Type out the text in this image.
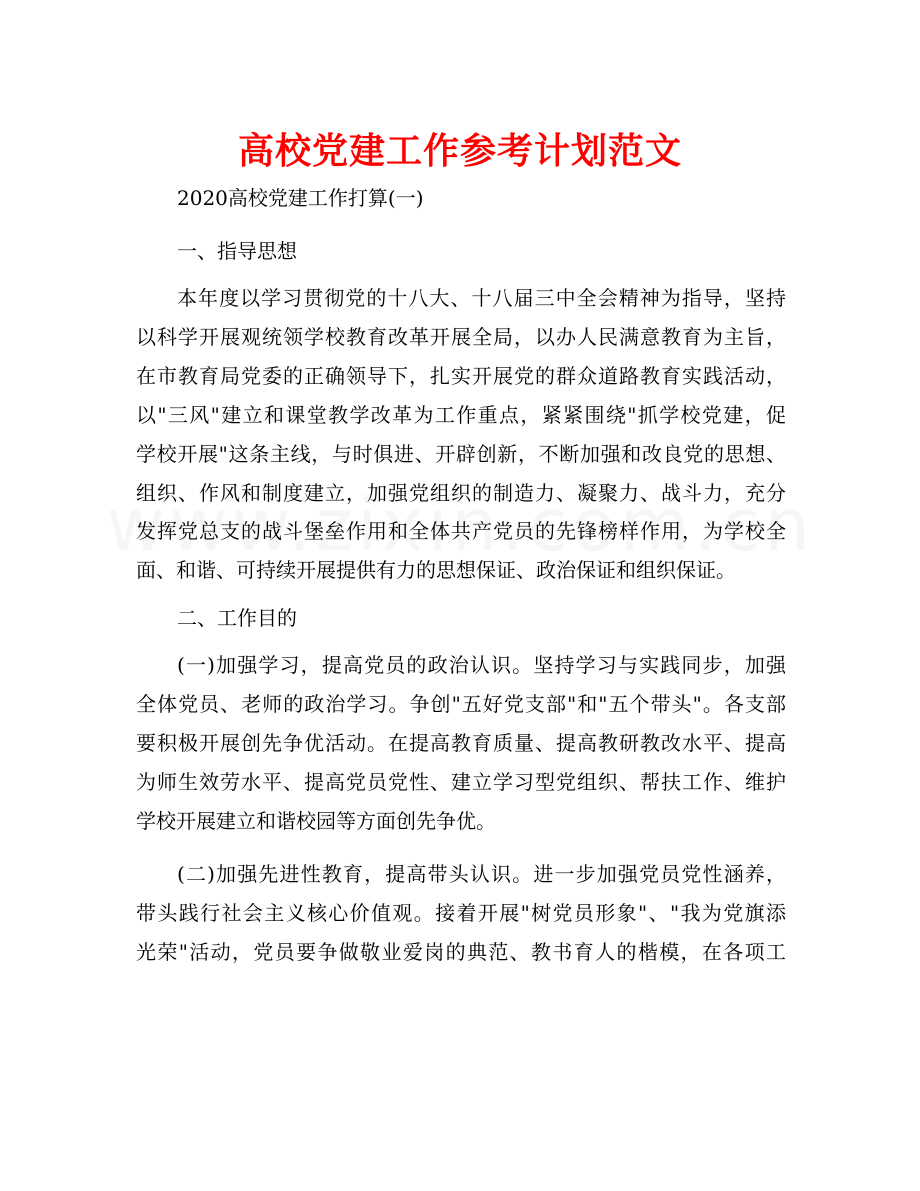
高校党建工作参考计划范文

2020高校党建工作打算(一)

一、指导思想

本年度以学习贯彻党的十八大、十八届三中全会精神为指导，坚持
以科学开展观统领学校教育改革开展全局，以办人民满意教育为主旨，
在市教育局党委的正确领导下，扎实开展党的群众道路教育实践活动，
以"三风"建立和课堂教学改革为工作重点，紧紧围绕"抓学校党建，促
学校开展"这条主线，与时俱进、开辟创新，不断加强和改良党的思想、
组织、作风和制度建立，加强党组织的制造力、凝聚力、战斗力，充分
发挥党总支的战斗堡垒作用和全体共产党员的先锋榜样作用，为学校全
面、和谐、可持续开展提供有力的思想保证、政治保证和组织保证。

二、工作目的

(一)加强学习，提高党员的政治认识。坚持学习与实践同步，加强
全体党员、老师的政治学习。争创"五好党支部"和"五个带头"。各支部
要积极开展创先争优活动。在提高教育质量、提高教研教改水平、提高
为师生效劳水平、提高党员党性、建立学习型党组织、帮扶工作、维护
学校开展建立和谐校园等方面创先争优。
(二)加强先进性教育，提高带头认识。进一步加强党员党性涵养，
带头践行社会主义核心价值观。接着开展"树党员形象"、"我为党旗添
光荣"活动，党员要争做敬业爱岗的典范、教书育人的楷模，在各项工
